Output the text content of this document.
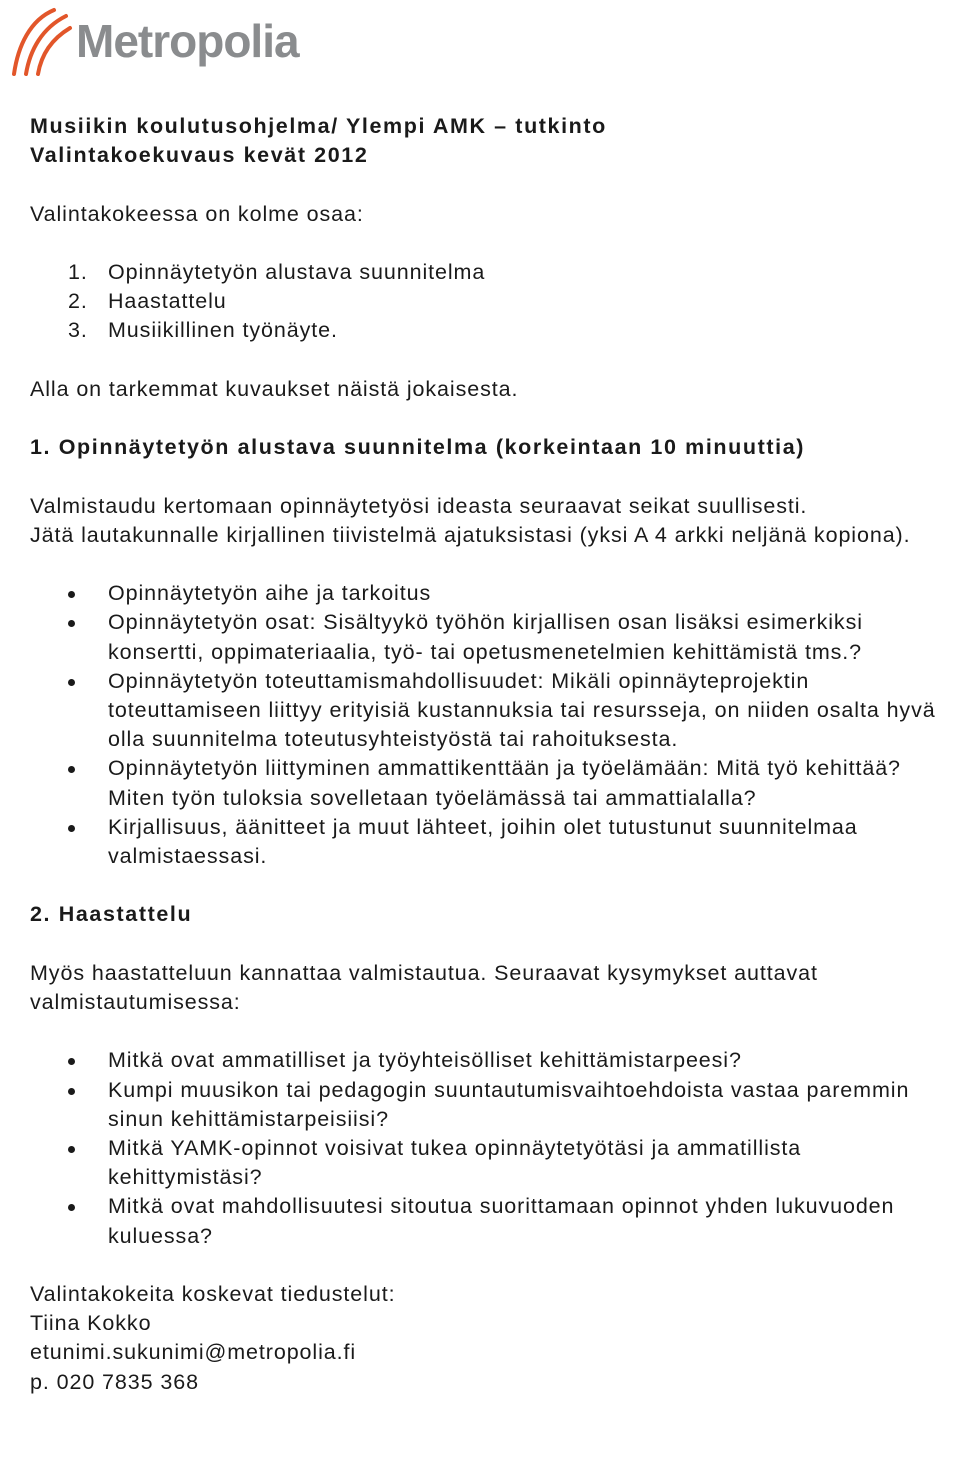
Metropolia

Musiikin koulutusohjelma/ Ylempi AMK – tutkinto

Valintakoekuvaus kevät 2012

Valintakokeessa on kolme osaa:

1. Opinnäytetyön alustava suunnitelma
2. Haastattelu
3. Musiikillinen työnäyte.

Alla on tarkemmat kuvaukset näistä jokaisesta.

1. Opinnäytetyön alustava suunnitelma (korkeintaan 10 minuuttia)

Valmistaudu kertomaan opinnäytetyösi ideasta seuraavat seikat suullisesti.

Jätä lautakunnalle kirjallinen tiivistelmä ajatuksistasi (yksi A 4 arkki neljänä kopiona).

Opinnäytetyön aihe ja tarkoitus
Opinnäytetyön osat: Sisältyykö työhön kirjallisen osan lisäksi esimerkiksi konsertti, oppimateriaalia, työ- tai opetusmenetelmien kehittämistä tms.?
Opinnäytetyön toteuttamismahdollisuudet: Mikäli opinnäyteprojektin toteuttamiseen liittyy erityisiä kustannuksia tai resursseja, on niiden osalta hyvä olla suunnitelma toteutusyhteistyöstä tai rahoituksesta.
Opinnäytetyön liittyminen ammattikenttään ja työelämään: Mitä työ kehittää? Miten työn tuloksia sovelletaan työelämässä tai ammattialalla?
Kirjallisuus, äänitteet ja muut lähteet, joihin olet tutustunut suunnitelmaa valmistaessasi.

2. Haastattelu

Myös haastatteluun kannattaa valmistautua. Seuraavat kysymykset auttavat valmistautumisessa:

Mitkä ovat ammatilliset ja työyhteisölliset kehittämistarpeesi?
Kumpi muusikon tai pedagogin suuntautumisvaihtoehdoista vastaa paremmin sinun kehittämistarpeisiisi?
Mitkä YAMK-opinnot voisivat tukea opinnäytetyötäsi ja ammatillista kehittymistäsi?
Mitkä ovat mahdollisuutesi sitoutua suorittamaan opinnot yhden lukuvuoden kuluessa?

Valintakokeita koskevat tiedustelut:

Tiina Kokko

etunimi.sukunimi@metropolia.fi

p. 020 7835 368
